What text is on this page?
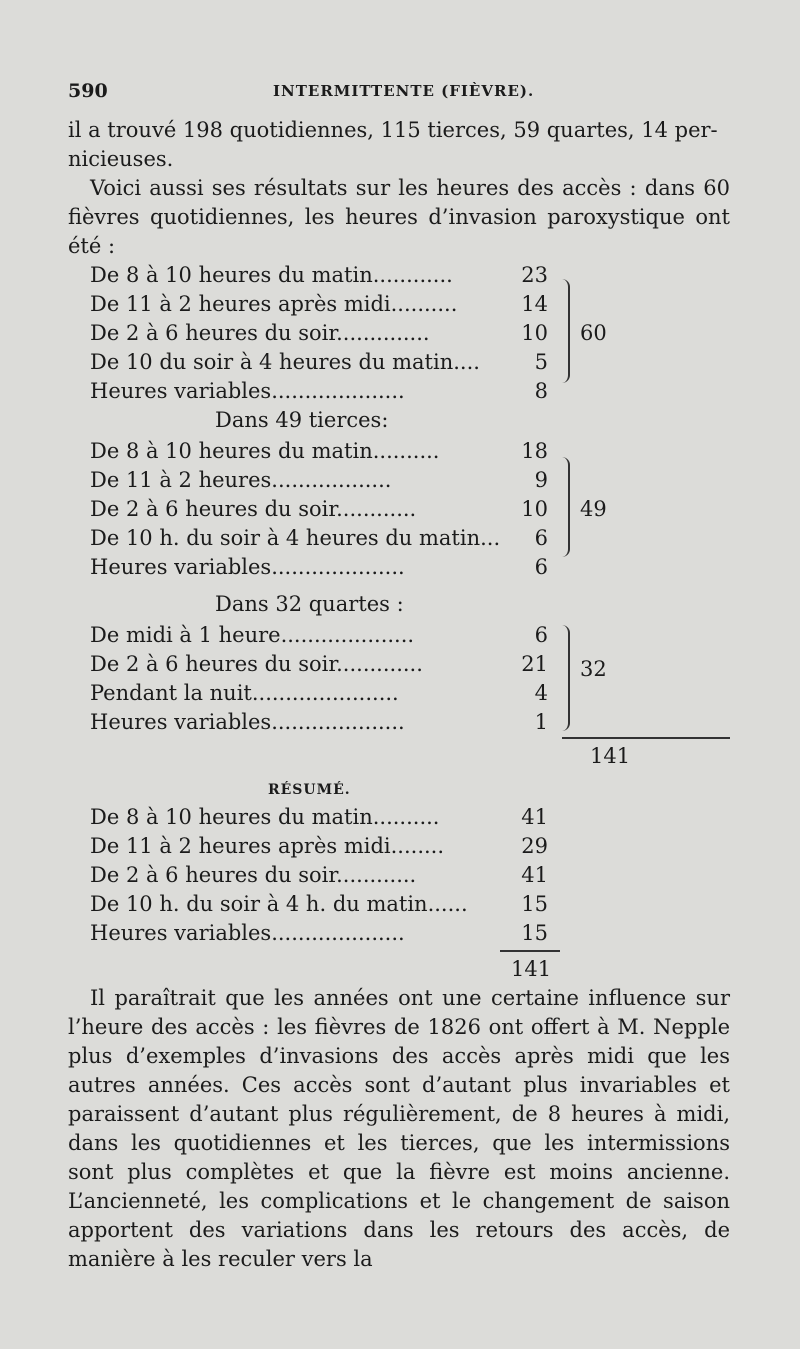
590	INTERMITTENTE (FIÈVRE).
il a trouvé 198 quotidiennes, 115 tierces, 59 quartes, 14 per-
nicieuses.

Voici aussi ses résultats sur les heures des accès : dans 60 fièvres quotidiennes, les heures d’invasion paroxystique ont été :

De 8 à 10 heures du matin............	23
De 11 à 2 heures après midi..........	14
De 2 à 6 heures du soir..............	10
De 10 du soir à 4 heures du matin....	5
Heures variables....................	8
60
Dans 49 tierces:
De 8 à 10 heures du matin..........	18
De 11 à 2 heures..................	9
De 2 à 6 heures du soir............	10
De 10 h. du soir à 4 heures du matin... 6
Heures variables....................	6
49
Dans 32 quartes :
De midi à 1 heure....................	6
De 2 à 6 heures du soir.............	21
Pendant la nuit......................	4
Heures variables....................	1
32
141
RÉSUMÉ.
De 8 à 10 heures du matin..........	41
De 11 à 2 heures après midi........	29
De 2 à 6 heures du soir............	41
De 10 h. du soir à 4 h. du matin......	15
Heures variables....................	15
141

Il paraîtrait que les années ont une certaine influence sur l’heure des accès : les fièvres de 1826 ont offert à M. Nepple plus d’exemples d’invasions des accès après midi que les autres années. Ces accès sont d’autant plus invariables et paraissent d’autant plus régulièrement, de 8 heures à midi, dans les quotidiennes et les tierces, que les intermissions sont plus complètes et que la fièvre est moins ancienne. L’ancienneté, les complications et le changement de saison apportent des variations dans les retours des accès, de manière à les reculer vers la
